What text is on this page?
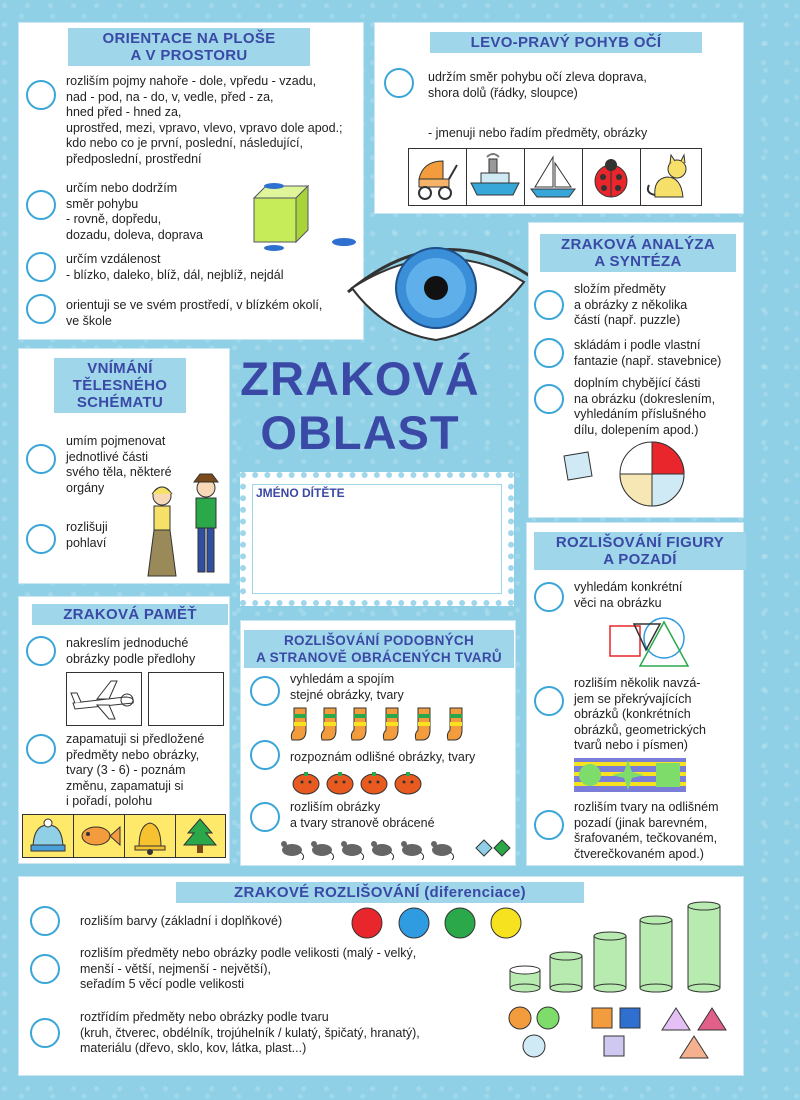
ORIENTACE NA PLOŠE
A V PROSTORU
rozliším pojmy nahoře - dole, vpředu - vzadu,
nad - pod, na - do, v, vedle, před - za,
hned před - hned za,
uprostřed, mezi, vpravo, vlevo, vpravo dole apod.;
kdo nebo co je první, poslední, následující,
předposlední, prostřední
určím nebo dodržím
směr pohybu
- rovně, dopředu,
dozadu, doleva, doprava
určím vzdálenost
- blízko, daleko, blíž, dál, nejblíž, nejdál
orientuji se ve svém prostředí, v blízkém okolí,
ve škole
LEVO-PRAVÝ POHYB OČÍ
udržím směr pohybu očí zleva doprava,
shora dolů (řádky, sloupce)
- jmenuji nebo řadím předměty, obrázky
ZRAKOVÁ ANALÝZA
A SYNTÉZA
složím předměty
a obrázky z několika
částí (např. puzzle)
skládám i podle vlastní
fantazie (např. stavebnice)
doplním chybějící části
na obrázku (dokreslením,
vyhledáním příslušného
dílu, dolepením apod.)
ZRAKOVÁ
OBLAST
VNÍMÁNÍ
TĚLESNÉHO
SCHÉMATU
umím pojmenovat
jednotlivé části
svého těla, některé
orgány
rozlišuji
pohlaví
JMÉNO DÍTĚTE
ROZLIŠOVÁNÍ FIGURY
A POZADÍ
vyhledám konkrétní
věci na obrázku
rozliším několik navzá-
jem se překrývajících
obrázků (konkrétních
obrázků, geometrických
tvarů nebo i písmen)
rozliším tvary na odlišném
pozadí (jinak barevném,
šrafovaném, tečkovaném,
čtverečkovaném apod.)
ZRAKOVÁ PAMĚŤ
nakreslím jednoduché
obrázky podle předlohy
zapamatuji si předložené
předměty nebo obrázky,
tvary (3 - 6) - poznám
změnu, zapamatuji si
i pořadí, polohu
ROZLIŠOVÁNÍ PODOBNÝCH
A STRANOVĚ OBRÁCENÝCH TVARŮ
vyhledám a spojím
stejné obrázky, tvary
rozpoznám odlišné obrázky, tvary
rozliším obrázky
a tvary stranově obrácené
ZRAKOVÉ ROZLIŠOVÁNÍ (diferenciace)
rozliším barvy (základní i doplňkové)
rozliším předměty nebo obrázky podle velikosti (malý - velký,
menší - větší, nejmenší - největší),
seřadím 5 věcí podle velikosti
roztřídím předměty nebo obrázky podle tvaru
(kruh, čtverec, obdélník, trojúhelník / kulatý, špičatý, hranatý),
materiálu (dřevo, sklo, kov, látka, plast...)
